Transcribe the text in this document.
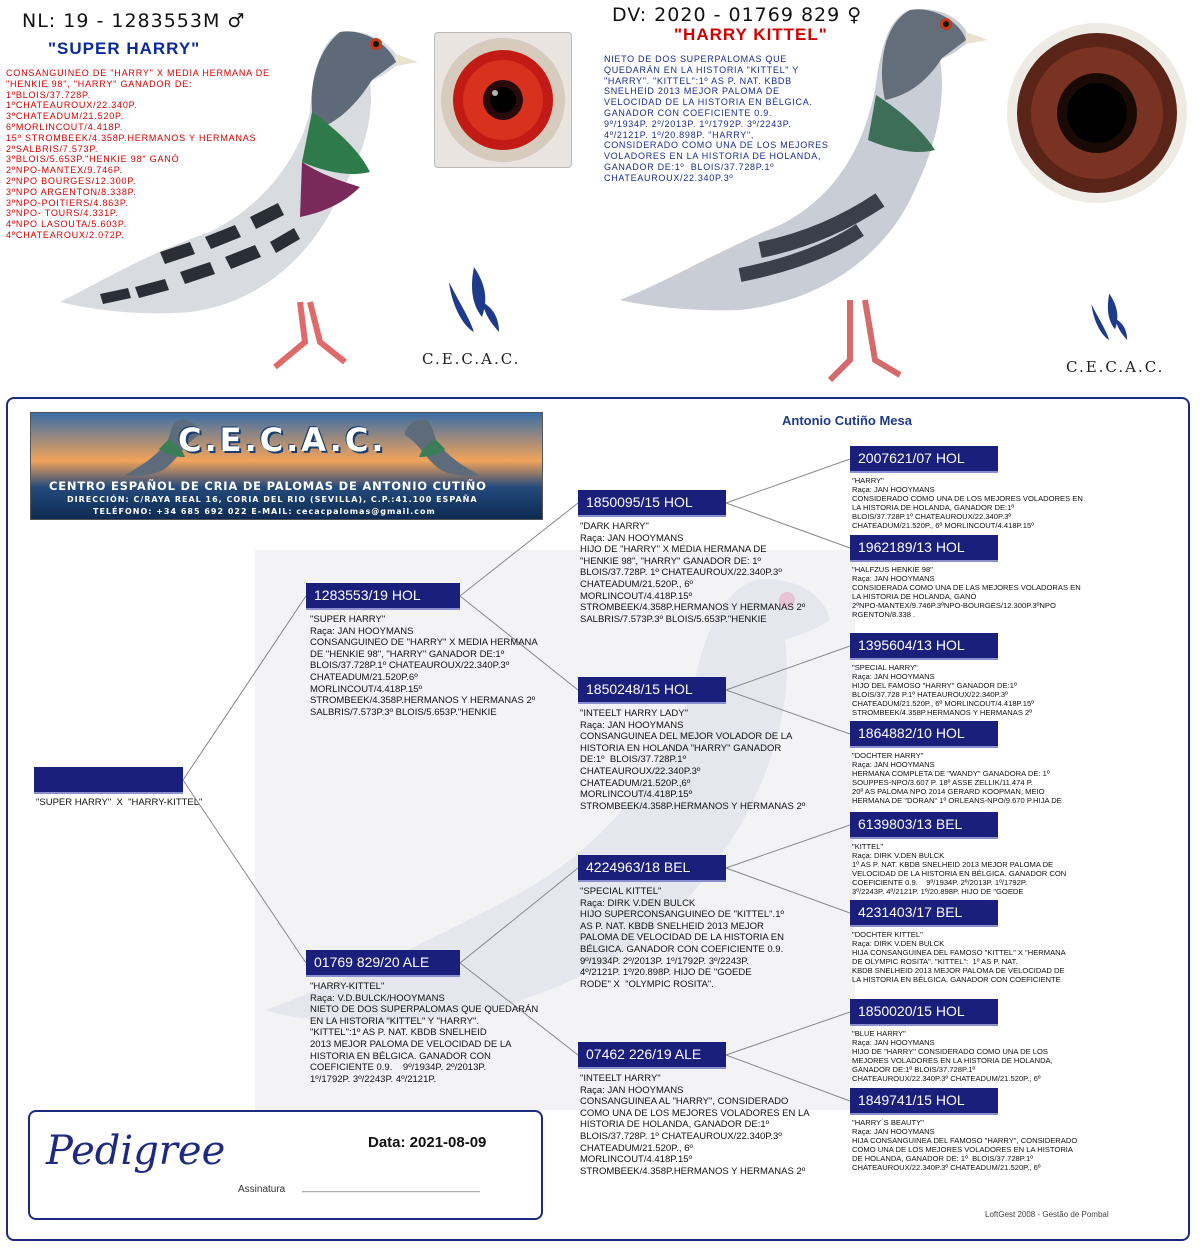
NL: 19 - 1283553M ♂
"SUPER HARRY"
CONSANGUINEO DE "HARRY" X MEDIA HERMANA DE
"HENKIE 98", "HARRY" GANADOR DE:
1ºBLOIS/37.728P.
1ºCHATEAUROUX/22.340P.
3ºCHATEADUM/21.520P.
6ºMORLINCOUT/4.418P.
15º STROMBEEK/4.358P.HERMANOS Y HERMANAS
2ºSALBRIS/7.573P.
3ºBLOIS/5.653P."HENKIE 98" GANÓ
2ºNPO-MANTEX/9.746P.
2ºNPO BOURGES/12.300P.
3ºNPO ARGENTON/8.338P.
3ºNPO-POITIERS/4.863P.
3ºNPO- TOURS/4.331P.
4ºNPO LASOUTA/5.603P.
4ºCHATEAROUX/2.072P.
C.E.C.A.C.
DV: 2020 - 01769 829 ♀
"HARRY KITTEL"
NIETO DE DOS SUPERPALOMAS QUE
QUEDARÁN EN LA HISTORIA "KITTEL" Y
"HARRY". "KITTEL":1º AS P. NAT. KBDB
SNELHEID 2013 MEJOR PALOMA DE
VELOCIDAD DE LA HISTORIA EN BÉLGICA.
GANADOR CON COEFICIENTE 0.9.
9º/1934P. 2º/2013P. 1º/1792P. 3º/2243P.
4º/2121P. 1º/20.898P. "HARRY",
CONSIDERADO COMO UNA DE LOS MEJORES
VOLADORES EN LA HISTORIA DE HOLANDA,
GANADOR DE:1º  BLOIS/37.728P.1º
CHATEAUROUX/22.340P.3º
C.E.C.A.C.
C.E.C.A.C.
CENTRO ESPAÑOL DE CRIA DE PALOMAS DE ANTONIO CUTIÑO
DIRECCIÓN: C/RAYA REAL 16, CORIA DEL RIO (SEVILLA), C.P.:41.100 ESPAÑA
TELÉFONO: +34 685 692 022 E-MAIL: cecacpalomas@gmail.com
Antonio Cutiño Mesa
"SUPER HARRY"  X  "HARRY-KITTEL"
1283553/19 HOL
"SUPER HARRY"
Raça: JAN HOOYMANS
CONSANGUINEO DE "HARRY" X MEDIA HERMANA
DE "HENKIE 98", "HARRY" GANADOR DE:1º
BLOIS/37.728P.1º CHATEAUROUX/22.340P.3º
CHATEADUM/21.520P.6º
MORLINCOUT/4.418P.15º
STROMBEEK/4.358P.HERMANOS Y HERMANAS 2º
SALBRIS/7.573P.3º BLOIS/5.653P."HENKIE
01769 829/20 ALE
"HARRY-KITTEL"
Raça: V.D.BULCK/HOOYMANS
NIETO DE DOS SUPERPALOMAS QUE QUEDARÁN
EN LA HISTORIA "KITTEL" Y "HARRY".
"KITTEL":1º AS P. NAT. KBDB SNELHEID
2013 MEJOR PALOMA DE VELOCIDAD DE LA
HISTORIA EN BÉLGICA. GANADOR CON
COEFICIENTE 0.9.    9º/1934P. 2º/2013P.
1º/1792P. 3º/2243P. 4º/2121P.
1850095/15 HOL
"DARK HARRY"
Raça: JAN HOOYMANS
HIJO DE "HARRY" X MEDIA HERMANA DE
"HENKIE 98", "HARRY" GANADOR DE: 1º
BLOIS/37.728P. 1º CHATEAUROUX/22.340P.3º
CHATEADUM/21.520P., 6º
MORLINCOUT/4.418P.15º
STROMBEEK/4.358P.HERMANOS Y HERMANAS 2º
SALBRIS/7.573P.3º BLOIS/5.653P."HENKIE
1850248/15 HOL
"INTEELT HARRY LADY"
Raça: JAN HOOYMANS
CONSANGUINEA DEL MEJOR VOLADOR DE LA
HISTORIA EN HOLANDA "HARRY" GANADOR
DE:1º  BLOIS/37.728P.1º
CHATEAUROUX/22.340P.3º
CHATEADUM/21.520P.,6º
MORLINCOUT/4.418P.15º
STROMBEEK/4.358P.HERMANOS Y HERMANAS 2º
4224963/18 BEL
"SPECIAL KITTEL"
Raça: DIRK V.DEN BULCK
HIJO SUPERCONSANGUINEO DE "KITTEL".1º
AS P. NAT. KBDB SNELHEID 2013 MEJOR
PALOMA DE VELOCIDAD DE LA HISTORIA EN
BÉLGICA. GANADOR CON COEFICIENTE 0.9.
9º/1934P. 2º/2013P. 1º/1792P. 3º/2243P.
4º/2121P. 1º/20.898P. HIJO DE "GOEDE
RODE" X  "OLYMPIC ROSITA".
07462 226/19 ALE
"INTEELT HARRY"
Raça: JAN HOOYMANS
CONSANGUINEA AL "HARRY", CONSIDERADO
COMO UNA DE LOS MEJORES VOLADORES EN LA
HISTORIA DE HOLANDA, GANADOR DE:1º
BLOIS/37.728P. 1º CHATEAUROUX/22.340P.3º
CHATEADUM/21.520P., 6º
MORLINCOUT/4.418P.15º
STROMBEEK/4.358P.HERMANOS Y HERMANAS 2º
2007621/07 HOL
"HARRY"
Raça: JAN HOOYMANS
CONSIDERADO COMO UNA DE LOS MEJORES VOLADORES EN
LA HISTORIA DE HOLANDA, GANADOR DE:1º
BLOIS/37.728P.1º CHATEAUROUX/22.340P.3º
CHATEADUM/21.520P., 6º MORLINCOUT/4.418P.15º
1962189/13 HOL
"HALFZUS HENKIE 98"
Raça: JAN HOOYMANS
CONSIDERADA COMO UNA DE LAS MEJORES VOLADORAS EN
LA HISTORIA DE HOLANDA, GANÓ
2ºNPO-MANTEX/9.746P.3ºNPO-BOURGES/12.300P.3ºNPO
RGENTON/8.338 .
1395604/13 HOL
"SPECIAL HARRY"
Raça: JAN HOOYMANS
HIJO DEL FAMOSO "HARRY" GANADOR DE:1º
BLOIS/37.728 P.1º HATEAUROUX/22.340P.3º
CHATEADUM/21.520P., 6º MORLINCOUT/4.418P.15º
STROMBEEK/4.358P.HERMANOS Y HERMANAS 2º
1864882/10 HOL
"DOCHTER HARRY"
Raça: JAN HOOYMANS
HERMANA COMPLETA DE "WANDY" GANADORA DE: 1º
SOUPPES-NPO/3.607 P. 18º ASSE ZELLIK/11.474 P.
20º AS PALOMA NPO 2014 GERARD KOOPMAN, MEIO
HERMANA DE "DORAN" 1º ORLEANS-NPO/9.670 P.HIJA DE
6139803/13 BEL
"KITTEL"
Raça: DIRK V.DEN BULCK
1º AS P. NAT. KBDB SNELHEID 2013 MEJOR PALOMA DE
VELOCIDAD DE LA HISTORIA EN BÉLGICA. GANADOR CON
COEFICIENTE 0.9.    9º/1934P. 2º/2013P. 1º/1792P.
3º/2243P. 4º/2121P. 1º/20.898P. HIJO DE "GOEDE
4231403/17 BEL
"DOCHTER KITTEL"
Raça: DIRK V.DEN BULCK
HIJA CONSANGUINEA DEL FAMOSO "KITTEL" X "HERMANA
DE OLYMPIC ROSITA". "KITTEL":  1º AS P. NAT.
KBDB SNELHEID 2013 MEJOR PALOMA DE VELOCIDAD DE
LA HISTORIA EN BÉLGICA. GANADOR CON COEFICIENTE
1850020/15 HOL
"BLUE HARRY"
Raça: JAN HOOYMANS
HIJO DE "HARRY" CONSIDERADO COMO UNA DE LOS
MEJORES VOLADORES EN LA HISTORIA DE HOLANDA,
GANADOR DE:1º BLOIS/37.728P.1º
CHATEAUROUX/22.340P.3º CHATEADUM/21.520P., 6º
1849741/15 HOL
"HARRY´S BEAUTY"
Raça: JAN HOOYMANS
HIJA CONSANGUINEA DEL FAMOSO "HARRY", CONSIDERADO
COMO UNA DE LOS MEJORES VOLADORES EN LA HISTORIA
DE HOLANDA, GANADOR DE: 1º  BLOIS/37.728P.1º
CHATEAUROUX/22.340P.3º CHATEADUM/21.520P., 6º
Pedigree	Data: 2021-08-09
Assinatura ________________________________
LoftGest 2008 - Gestão de Pombal
